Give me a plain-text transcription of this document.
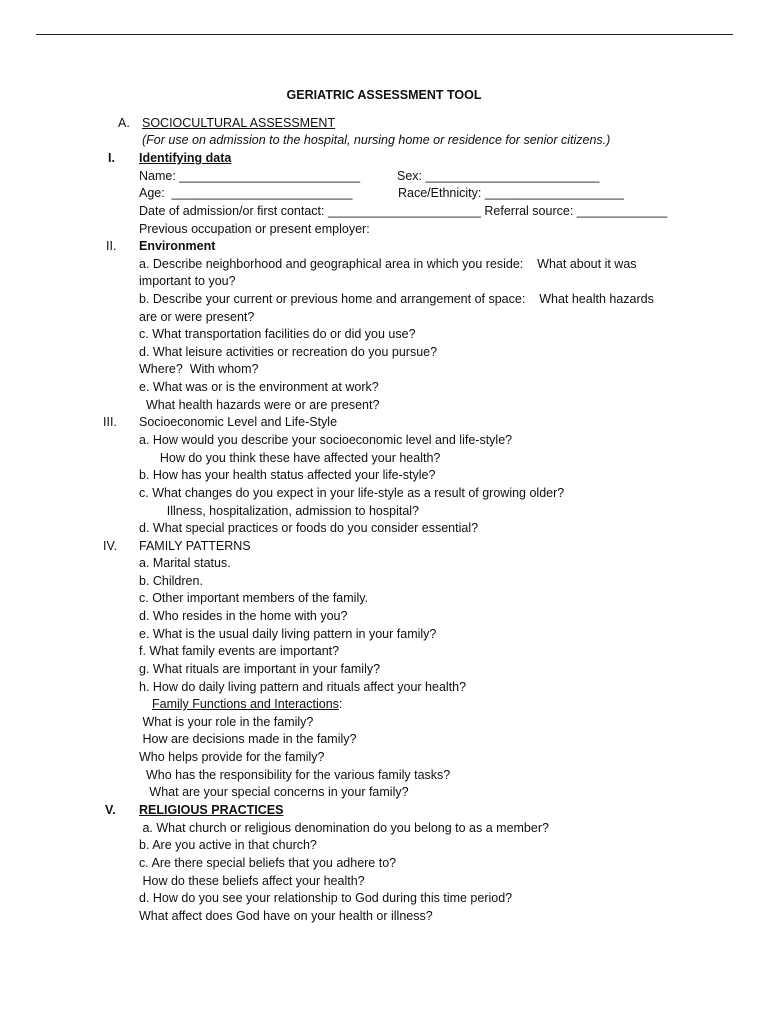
GERIATRIC ASSESSMENT TOOL
A. SOCIOCULTURAL ASSESSMENT
(For use on admission to the hospital, nursing home or residence for senior citizens.)
I. Identifying data
Name: __________________________	Sex: _________________________
Age:  __________________________	Race/Ethnicity: ____________________
Date of admission/or first contact: ______________________ Referral source: _____________
Previous occupation or present employer:
II. Environment
a. Describe neighborhood and geographical area in which you reside:    What about it was
important to you?
b. Describe your current or previous home and arrangement of space:    What health hazards
are or were present?
c. What transportation facilities do or did you use?
d. What leisure activities or recreation do you pursue?
Where?  With whom?
e. What was or is the environment at work?
What health hazards were or are present?
III. Socioeconomic Level and Life-Style
a. How would you describe your socioeconomic level and life-style?
How do you think these have affected your health?
b. How has your health status affected your life-style?
c. What changes do you expect in your life-style as a result of growing older?
Illness, hospitalization, admission to hospital?
d. What special practices or foods do you consider essential?
IV. FAMILY PATTERNS
a. Marital status.
b. Children.
c. Other important members of the family.
d. Who resides in the home with you?
e. What is the usual daily living pattern in your family?
f. What family events are important?
g. What rituals are important in your family?
h. How do daily living pattern and rituals affect your health?
Family Functions and Interactions:
What is your role in the family?
How are decisions made in the family?
Who helps provide for the family?
Who has the responsibility for the various family tasks?
What are your special concerns in your family?
V. RELIGIOUS PRACTICES
a. What church or religious denomination do you belong to as a member?
b. Are you active in that church?
c. Are there special beliefs that you adhere to?
How do these beliefs affect your health?
d. How do you see your relationship to God during this time period?
What affect does God have on your health or illness?
